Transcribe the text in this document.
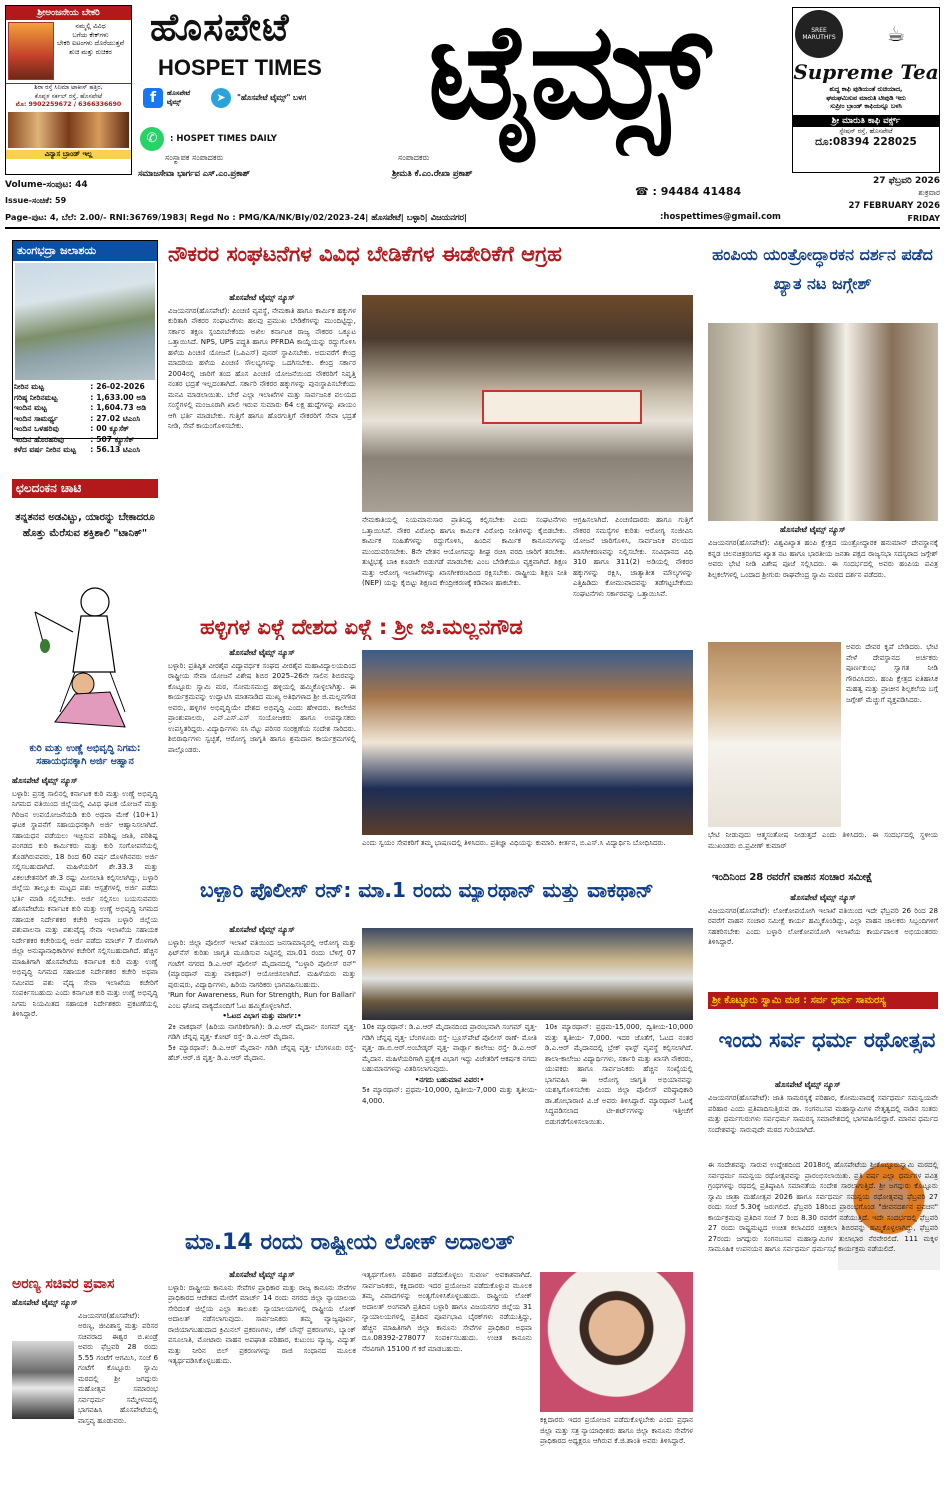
ಶ್ರೀಅಂಜನೇಯ ಬೇಕರಿ
ನಮ್ಮಲ್ಲಿ ವಿವಿಧ
ಬಗೆಯ ಕೇಕ್‌ಗಳು
ಬೇಕರಿ ಐಟಂಗಳು ದೊರೆಯುತ್ತವೆ
ಶುಚಿ ಮತ್ತು ರುಚಿಕರ
ಶಿರಾ ರಸ್ತೆ ಸಿನಿಮಾ ಟಾಕೀಸ್ ಹತ್ತಿರ,
ಕೊಪ್ಪಳ ಸರ್ಕಲ್ ರಸ್ತೆ, ಹೊಸಪೇಟೆ
ಮೊ: 9902259672 / 6366336690
ವಿನ್ಯಾಸ ಬ್ರಾಂಡ್ ಇಲ್ಲ
ಹೊಸಪೇಟೆ
HOSPET TIMES
f	ಹೊಸಪೇಟೆ ಟೈಮ್ಸ್	➤	"ಹೊಸಪೇಟೆ ಟೈಮ್ಸ್" ಬಳಗ
✆	: HOSPET TIMES DAILY ಟೈಮ್ಸ್	SREE MARUTHI'S	☕
Supreme Tea
ಶುದ್ಧ ಕಾಫಿ ಪುಡಿಯಂತೆ ರುಚಿಯಾದ,
ಘಮಘಮಿಸುವ ಮಾರುತಿ ಟೀಪುಡಿ ಇದು
ಸುಪ್ರೀಂ ಬ್ರಾಂಡ್ ಕಾಫಿಯನ್ನೂ ಬಳಸಿ
ಶ್ರೀ ಮಾರುತಿ ಕಾಫಿ ವರ್ಕ್ಸ್
ಸ್ಟೇಷನ್ ರಸ್ತೆ, ಹೊಸಪೇಟೆ
ದೂ:08394 228025
ಸಂಸ್ಥಾಪಕ ಸಂಪಾದಕರು
ಸಮಾಜಸೇವಾ ಭಾರ್ಗವ ಎಸ್.ಎಂ.ಪ್ರಕಾಶ್
ಸಂಪಾದಕರು
ಶ್ರೀಮತಿ ಕೆ.ಎಂ.ರೇಖಾ ಪ್ರಕಾಶ್
☎ : 94484 41484
Volume-ಸಂಪುಟ: 44
Issue-ಸಂಚಿಕೆ: 59
27 ಫೆಬ್ರವರಿ 2026
ಶುಕ್ರವಾರ
27 FEBRUARY 2026
FRIDAY
Page-ಪುಟ: 4, ಬೆಲೆ: 2.00/- RNI:36769/1983| Regd No : PMG/KA/NK/Bly/02/2023-24| ಹೊಸಪೇಟೆ| ಬಳ್ಳಾರಿ| ವಿಜಯನಗರ|	:hospettimes@gmail.com
ತುಂಗಭದ್ರಾ ಜಲಾಶಯ
ನೀರಿನ ಮಟ್ಟ	:	26-02-2026
ಗರಿಷ್ಠ ನೀರಿನಮಟ್ಟ	:	1,633.00 ಅಡಿ
ಇಂದಿನ ಮಟ್ಟ	:	1,604.73 ಅಡಿ
ಇಂದಿನ ಸಾಮರ್ಥ್ಯ	:	27.02 ಟಿಎಂಸಿ
ಇಂದಿನ ಒಳಹರಿವು	:	00 ಕ್ಯೂಸೆಕ್
ಇಂದಿನ ಹೊರಹರಿವು	:	507 ಕ್ಯೂಸೆಕ್
ಕಳೆದ ವರ್ಷ ನೀರಿನ ಮಟ್ಟ	:	56.13 ಟಿಎಂಸಿ
ಛಲದಂಕನ ಚಾಟಿ
ತನ್ನತನವ ಅಡವಿಟ್ಟು, ಯಾರನ್ನು ಬೇಕಾದರೂ ಹೊತ್ತು ಮೆರೆಸುವ ಶಕ್ತಿಶಾಲಿ "ಟಾನಿಕ್"
ಕುರಿ ಮತ್ತು ಉಣ್ಣೆ ಅಭಿವೃದ್ಧಿ ನಿಗಮ: ಸಹಾಯಧನಕ್ಕಾಗಿ ಅರ್ಜಿ ಆಹ್ವಾನ
ಹೊಸಪೇಟೆ ಟೈಮ್ಸ್ ನ್ಯೂಸ್
ಬಳ್ಳಾರಿ: ಪ್ರಸಕ್ತ ಸಾಲಿನಲ್ಲಿ ಕರ್ನಾಟಕ ಕುರಿ ಮತ್ತು ಉಣ್ಣೆ ಅಭಿವೃದ್ಧಿ ನಿಗಮದ ವತಿಯಿಂದ ಜಿಲ್ಲೆಯಲ್ಲಿ ವಿವಿಧ ಘಟಕ ಯೋಜನೆ ಮತ್ತು ಗಿರಿಜನ ಉಪಯೋಜನೆಯಡಿ ಕುರಿ ಅಥವಾ ಮೇಕೆ (10+1) ಘಟಕ ಸ್ಥಾಪನೆಗೆ ಸಹಾಯಧನಕ್ಕಾಗಿ ಅರ್ಜಿ ಆಹ್ವಾನಿಸಲಾಗಿದೆ. ಸಹಾಯಧನ ಪಡೆಯಲು ಇಚ್ಛಿಸುವ ಪರಿಶಿಷ್ಟ ಜಾತಿ, ಪರಿಶಿಷ್ಟ ಪಂಗಡದ ಕುರಿ ಕಾರ್ಮಿಕರು ಮತ್ತು ಕುರಿ ಸಂಗೋಪನೆಯಲ್ಲಿ ತೊಡಗಿರುವವರು, 18 ರಿಂದ 60 ವರ್ಷ ದೊಳಗಿನವರು ಅರ್ಜಿ ಸಲ್ಲಿಸಬಹುದಾಗಿದೆ. ಮಹಿಳೆಯರಿಗೆ ಶೇ.33.3 ಮತ್ತು ವಿಕಲಚೇತನರಿಗೆ ಶೇ.3 ರಷ್ಟು ಮೀಸಲಾತಿ ಕಲ್ಪಿಸಲಾಗಿದ್ದು, ಬಳ್ಳಾರಿ ಜಿಲ್ಲೆಯ ತಾಲ್ಲೂಕು ಮಟ್ಟದ ಪಶು ಆಸ್ಪತ್ರೆಗಳಲ್ಲಿ ಅರ್ಜಿ ಪಡೆದು ಭರ್ತಿ ಮಾಡಿ ಸಲ್ಲಿಸಬೇಕು. ಅರ್ಜಿ ಸಲ್ಲಿಸಲು ಬಯಸುವವರು ಹೊಸಪೇಟೆಯ ಕರ್ನಾಟಕ ಕುರಿ ಮತ್ತು ಉಣ್ಣೆ ಅಭಿವೃದ್ಧಿ ನಿಗಮದ ಸಹಾಯಕ ನಿರ್ದೇಶಕರ ಕಚೇರಿ ಅಥವಾ ಬಳ್ಳಾರಿ ಜಿಲ್ಲೆಯ ಪಶುಪಾಲನಾ ಮತ್ತು ಪಶುವೈದ್ಯ ಸೇವಾ ಇಲಾಖೆಯ ಸಹಾಯಕ ನಿರ್ದೇಶಕರ ಕಚೇರಿಯಲ್ಲಿ ಅರ್ಜಿ ಪಡೆದು ಮಾರ್ಚ್ 7 ರೊಳಗಾಗಿ ಜಿಲ್ಲಾ ಅನುಷ್ಠಾನಾಧಿಕಾರಿಗಳ ಕಚೇರಿಗೆ ಸಲ್ಲಿಸಬಹುದಾಗಿದೆ. ಹೆಚ್ಚಿನ ಮಾಹಿತಿಗಾಗಿ ಹೊಸಪೇಟೆಯ ಕರ್ನಾಟಕ ಕುರಿ ಮತ್ತು ಉಣ್ಣೆ ಅಭಿವೃದ್ಧಿ ನಿಗಮದ ಸಹಾಯಕ ನಿರ್ದೇಶಕರ ಕಚೇರಿ ಅಥವಾ ಸಮೀಪದ ಪಶು ವೈದ್ಯ ಸೇವಾ ಇಲಾಖೆಯ ಕಚೇರಿಗೆ ಸಂಪರ್ಕಿಸಬಹುದು ಎಂದು ಕರ್ನಾಟಕ ಕುರಿ ಮತ್ತು ಉಣ್ಣೆ ಅಭಿವೃದ್ಧಿ ನಿಗಮ ನಿಯಮಿತದ ಸಹಾಯಕ ನಿರ್ದೇಶಕರು ಪ್ರಕಟಣೆಯಲ್ಲಿ ತಿಳಿಸಿದ್ದಾರೆ.
ಅರಣ್ಯ ಸಚಿವರ ಪ್ರವಾಸ
ಹೊಸಪೇಟೆ ಟೈಮ್ಸ್ ನ್ಯೂಸ್
ವಿಜಯನಗರ(ಹೊಸಪೇಟೆ): ಅರಣ್ಯ, ಜೀವಿಶಾಸ್ತ್ರ ಮತ್ತು ಪರಿಸರ ಸಚಿವರಾದ ಈಶ್ವರ ಬಿ.ಖಂಡ್ರೆ ಅವರು ಫೆಬ್ರವರಿ 28 ರಂದು 5.55 ಗಂಟೆಗೆ ಆಗಮಿಸಿ, ಸಂಜೆ 6 ಗಂಟೆಗೆ ಕೊಟ್ಟೂರು ಸ್ವಾಮಿ ಮಠದಲ್ಲಿ ಶ್ರೀ ಜಗದ್ಗುರು ಮಹೋತ್ಸವ ಸಮಾರಂಭ ಸರ್ವಧರ್ಮ ಸಮ್ಮೇಳನದಲ್ಲಿ ಭಾಗವಹಿಸಿ ಹೊಸಪೇಟೆಯಲ್ಲಿ ವಾಸ್ತವ್ಯ ಹೂಡುವರು.
ನೌಕರರ ಸಂಘಟನೆಗಳ ವಿವಿಧ ಬೇಡಿಕೆಗಳ ಈಡೇರಿಕೆಗೆ ಆಗ್ರಹ
ಹೊಸಪೇಟೆ ಟೈಮ್ಸ್ ನ್ಯೂಸ್
ವಿಜಯನಗರ(ಹೊಸಪೇಟೆ): ಪಿಂಚಣಿ ವ್ಯವಸ್ಥೆ, ನೇಮಕಾತಿ ಹಾಗೂ ಕಾರ್ಮಿಕ ಹಕ್ಕುಗಳ ಕುರಿತಾಗಿ ನೌಕರರ ಸಂಘಟನೆಗಳು ಹಲವು ಪ್ರಮುಖ ಬೇಡಿಕೆಗಳನ್ನು ಮುಂದಿಟ್ಟಿದ್ದು, ಸರ್ಕಾರ ತಕ್ಷಣ ಸ್ಪಂದಿಸಬೇಕೆಂದು ಅಖಿಲ ಕರ್ನಾಟಕ ರಾಜ್ಯ ನೌಕರರ ಒಕ್ಕೂಟ ಒತ್ತಾಯಿಸಿದೆ. NPS, UPS ಪದ್ಧತಿ ಹಾಗೂ PFRDA ಕಾಯ್ದೆಯನ್ನು ರದ್ದುಗೊಳಿಸಿ ಹಳೆಯ ಪಿಂಚಣಿ ಯೋಜನೆ (ಒಪಿಎಸ್) ಪುನರ್ ಸ್ಥಾಪಿಸಬೇಕು. ಅದುವರೆಗೆ ಕೇಂದ್ರ ಮಾದರಿಯ ಹಳೆಯ ಪಿಂಚಣಿ ಸೌಲಭ್ಯಗಳನ್ನು ಒದಗಿಸಬೇಕು. ಕೇಂದ್ರ ಸರ್ಕಾರ 2004ರಲ್ಲಿ ಜಾರಿಗೆ ತಂದ ಹೊಸ ಪಿಂಚಣಿ ಯೋಜನೆಯಿಂದ ನೌಕರರಿಗೆ ನಿವೃತ್ತಿ ನಂತರ ಭದ್ರತೆ ಇಲ್ಲದಂತಾಗಿದೆ. ಸರ್ಕಾರಿ ನೌಕರರ ಹಕ್ಕುಗಳನ್ನು ಪುನಃಸ್ಥಾಪಿಸಬೇಕೆಂದು ಮನವಿ ಮಾಡಲಾಯಿತು. ಬೇರೆ ಎಲ್ಲಾ ಇಲಾಖೆಗಳ ಮತ್ತು ಸಾರ್ವಜನಿಕ ವಲಯದ ಸಂಸ್ಥೆಗಳಲ್ಲಿ ಮಂಜೂರಾಗಿ ಖಾಲಿ ಇರುವ ಸುಮಾರು 64 ಲಕ್ಷ ಹುದ್ದೆಗಳನ್ನು ಖಾಯಂ ಆಗಿ ಭರ್ತಿ ಮಾಡಬೇಕು. ಗುತ್ತಿಗೆ ಹಾಗೂ ಹೊರಗುತ್ತಿಗೆ ನೌಕರರಿಗೆ ಸೇವಾ ಭದ್ರತೆ ನೀಡಿ, ಸೇವೆ ಕಾಯಂಗೊಳಿಸಬೇಕು.
ನೇಮಕಾತಿಯಲ್ಲಿ ನಿಯಮಾನುಸಾರ ಪ್ರಾತಿನಿಧ್ಯ ಕಲ್ಪಿಸಬೇಕು ಎಂದು ಸಂಘಟನೆಗಳು ಒತ್ತಾಯಿಸಿವೆ. ನೌಕರ ವಿರೋಧಿ ಹಾಗೂ ಕಾರ್ಮಿಕ ವಿರೋಧಿ ನೀತಿಗಳನ್ನು ಕೈಬಿಡಬೇಕು. ಕಾರ್ಮಿಕ ಸಂಹಿತೆಗಳನ್ನು ರದ್ದುಗೊಳಿಸಿ, ಹಿಂದಿನ ಕಾರ್ಮಿಕ ಕಾನೂನುಗಳನ್ನು ಮುಂದುವರಿಸಬೇಕು. 8ನೇ ವೇತನ ಆಯೋಗವನ್ನು ಶೀಘ್ರ ರಚಿಸಿ ವರದಿ ಜಾರಿಗೆ ತರಬೇಕು. ತುಟ್ಟಿಭತ್ಯೆ ಬಾಕಿ ಕೂಡಲೇ ಬಿಡುಗಡೆ ಮಾಡಬೇಕು ಎಂಬ ಬೇಡಿಕೆಯೂ ವ್ಯಕ್ತವಾಗಿದೆ. ಶಿಕ್ಷಣ ಮತ್ತು ಆರೋಗ್ಯ ಇಲಾಖೆಗಳನ್ನು ಖಾಸಗೀಕರಣದಿಂದ ರಕ್ಷಿಸಬೇಕು. ರಾಷ್ಟ್ರೀಯ ಶಿಕ್ಷಣ ನೀತಿ (NEP) ಯನ್ನು ಕೈಬಿಟ್ಟು ಶಿಕ್ಷಣದ ಕೇಂದ್ರೀಕರಣಕ್ಕೆ ಕಡಿವಾಣ ಹಾಕಬೇಕು.
ಆಗ್ರಹಿಸಲಾಗಿದೆ. ಪಿಂಚಣಿದಾರರು ಹಾಗೂ ಗುತ್ತಿಗೆ ನೌಕರರ ಸಮಸ್ಯೆಗಳ ಕುರಿತು ಆರೋಗ್ಯ ಸಂಜೀವಿನಿ ಯೋಜನೆ ಜಾರಿಗೊಳಿಸಿ, ಸಾರ್ವಜನಿಕ ವಲಯದ ಖಾಸಗೀಕರಣವನ್ನು ನಿಲ್ಲಿಸಬೇಕು. ಸಂವಿಧಾನದ ವಿಧಿ 310 ಹಾಗೂ 311(2) ಅಡಿಯಲ್ಲಿ ನೌಕರರ ಹಕ್ಕುಗಳನ್ನು ರಕ್ಷಿಸಿ, ಜಾತ್ಯಾತೀತ ಮೌಲ್ಯಗಳನ್ನು ಎತ್ತಿಹಿಡಿದು ಕೋಮುವಾದವನ್ನು ತಡೆಗಟ್ಟಬೇಕೆಂದು ಸಂಘಟನೆಗಳು ಸರ್ಕಾರವನ್ನು ಒತ್ತಾಯಿಸಿವೆ.
ಹಳ್ಳಿಗಳ ಏಳ್ಗೆ ದೇಶದ ಏಳ್ಗೆ : ಶ್ರೀ ಜಿ.ಮಲ್ಲನಗೌಡ
ಹೊಸಪೇಟೆ ಟೈಮ್ಸ್ ನ್ಯೂಸ್
ಬಳ್ಳಾರಿ: ಪ್ರತಿಷ್ಠಿತ ವೀರಶೈವ ವಿದ್ಯಾವರ್ಧಕ ಸಂಘದ ವೀರಶೈವ ಮಹಾವಿದ್ಯಾಲಯದಿಂದ ರಾಷ್ಟ್ರೀಯ ಸೇವಾ ಯೋಜನೆ ವಿಶೇಷ ಶಿಬಿರ 2025–26ನೇ ಸಾಲಿನ ಶಿಬಿರವನ್ನು ಕೊಟ್ಟೂರು ಸ್ವಾಮಿ ಮಠ, ಸೋಮಸಮುದ್ರ ಹಳ್ಳಿಯಲ್ಲಿ ಹಮ್ಮಿಕೊಳ್ಳಲಾಗಿತ್ತು. ಈ ಕಾರ್ಯಕ್ರಮವನ್ನು ಉದ್ಘಾಟಿಸಿ ಮಾತನಾಡಿದ ಮುಖ್ಯ ಅತಿಥಿಗಳಾದ ಶ್ರೀ ಜಿ.ಮಲ್ಲನಗೌಡ ಅವರು, ಹಳ್ಳಿಗಳ ಅಭಿವೃದ್ಧಿಯೇ ದೇಶದ ಅಭಿವೃದ್ಧಿ ಎಂದು ಹೇಳಿದರು. ಕಾಲೇಜಿನ ಪ್ರಾಂಶುಪಾಲರು, ಎನ್.ಎಸ್.ಎಸ್ ಸಂಯೋಜಕರು ಹಾಗೂ ಉಪನ್ಯಾಸಕರು ಉಪಸ್ಥಿತರಿದ್ದರು. ವಿದ್ಯಾರ್ಥಿಗಳು ಸಸಿ ನೆಟ್ಟು ಪರಿಸರ ಸಂರಕ್ಷಣೆಯ ಸಂದೇಶ ಸಾರಿದರು. ಶಿಬಿರಾರ್ಥಿಗಳು ಸ್ವಚ್ಛತೆ, ಆರೋಗ್ಯ ಜಾಗೃತಿ ಹಾಗೂ ಶ್ರಮದಾನ ಕಾರ್ಯಕ್ರಮಗಳಲ್ಲಿ ಪಾಲ್ಗೊಂಡರು.
ಎಂದು ಸ್ವಯಂ ಸೇವಕರಿಗೆ ತಮ್ಮ ಭಾಷಣದಲ್ಲಿ ತಿಳಿಸಿದರು. ಪ್ರತಿಜ್ಞಾ ವಿಧಿಯನ್ನು ಕುಮಾರಿ. ಕೀರ್ತನ, ಬಿ.ಎಸ್.ಸಿ ವಿದ್ಯಾರ್ಥಿನಿ ಬೋಧಿಸಿದರು.
ಬಳ್ಳಾರಿ ಪೊಲೀಸ್ ರನ್: ಮಾ.1 ರಂದು ಮ್ಯಾರಥಾನ್ ಮತ್ತು ವಾಕಥಾನ್
ಹೊಸಪೇಟೆ ಟೈಮ್ಸ್ ನ್ಯೂಸ್
ಬಳ್ಳಾರಿ: ಜಿಲ್ಲಾ ಪೊಲೀಸ್ ಇಲಾಖೆ ವತಿಯಿಂದ ಜನಸಾಮಾನ್ಯರಲ್ಲಿ ಆರೋಗ್ಯ ಮತ್ತು ಫಿಟ್‌ನೆಸ್ ಕುರಿತು ಜಾಗೃತಿ ಮೂಡಿಸುವ ನಿಟ್ಟಿನಲ್ಲಿ ಮಾ.01 ರಂದು ಬೆಳಿಗ್ಗೆ 07 ಗಂಟೆಗೆ ನಗರದ ಡಿ.ಎ.ಆರ್ ಪೊಲೀಸ್ ಮೈದಾನದಲ್ಲಿ "ಬಳ್ಳಾರಿ ಪೊಲೀಸ್ ರನ್" (ಮ್ಯಾರಥಾನ್ ಮತ್ತು ವಾಕಥಾನ್) ಆಯೋಜಿಸಲಾಗಿದೆ. ಮಹಿಳೆಯರು ಮತ್ತು ಪುರುಷರು, ವಿದ್ಯಾರ್ಥಿಗಳು, ಹಿರಿಯ ನಾಗರಿಕರು ಭಾಗವಹಿಸಬಹುದು.
'Run for Awareness, Run for Strength, Run for Ballari' ಎಂಬ ಘೋಷ ವಾಕ್ಯದೊಂದಿಗೆ ಓಟ ಹಮ್ಮಿಕೊಳ್ಳಲಾಗಿದೆ.
•ಓಟದ ವಿಭಾಗ ಮತ್ತು ಮಾರ್ಗ:•
2ಕಿ ವಾಕಥಾನ್ (ಹಿರಿಯ ನಾಗರಿಕರಿಗಾಗಿ): ಡಿ.ಎ.ಆರ್ ಮೈದಾನ- ಸಂಗಮ್ ವೃತ್ತ- ಗಡಿಗಿ ಚೆನ್ನಪ್ಪ ವೃತ್ತ- ಕೋಟ್ ರಸ್ತೆ- ಡಿ.ಎ.ಆರ್ ಮೈದಾನ.
5ಕಿ ಮ್ಯಾರಥಾನ್: ಡಿ.ಎ.ಆರ್ ಮೈದಾನ- ಗಡಿಗಿ ಚೆನ್ನಪ್ಪ ವೃತ್ತ- ಬೆಂಗಳೂರು ರಸ್ತೆ- ಹೆಚ್.ಆರ್.ಜಿ ವೃತ್ತ- ಡಿ.ಎ.ಆರ್ ಮೈದಾನ.
10ಕಿ ಮ್ಯಾರಥಾನ್: ಡಿ.ಎ.ಆರ್ ಮೈದಾನದಿಂದ ಪ್ರಾರಂಭವಾಗಿ ಸಂಗಮ್ ವೃತ್ತ- ಗಡಿಗಿ ಚೆನ್ನಪ್ಪ ವೃತ್ತ- ಬೆಂಗಳೂರು ರಸ್ತೆ- ಬ್ರೂಸ್‌ಪೇಟೆ ಪೊಲೀಸ್ ಠಾಣೆ- ಮೋತಿ ವೃತ್ತ- ಡಾ.ಬಿ.ಆರ್.ಅಂಬೇಡ್ಕರ್ ವೃತ್ತ- ವಾರ್ಡ್ಲಾ ಕಾಲೇಜು ರಸ್ತೆ- ಡಿ.ಎ.ಆರ್ ಮೈದಾನ. ಮಹಿಳೆಯರಿಗಾಗಿ ಪ್ರತ್ಯೇಕ ವಿಭಾಗ ಇದ್ದು ವಿಜೇತರಿಗೆ ಆಕರ್ಷಕ ನಗದು ಬಹುಮಾನಗಳನ್ನು ವಿತರಿಸಲಾಗುವುದು.
•ನಗದು ಬಹುಮಾನ ವಿವರ:•
5ಕಿ ಮ್ಯಾರಥಾನ್: ಪ್ರಥಮ-10,000, ದ್ವಿತೀಯ-7,000 ಮತ್ತು ತೃತೀಯ- 4,000.
10ಕಿ ಮ್ಯಾರಥಾನ್: ಪ್ರಥಮ-15,000, ದ್ವಿತೀಯ-10,000 ಮತ್ತು ತೃತೀಯ- 7,000. ಇದರ ಜೊತೆಗೆ, ಓಟದ ನಂತರ ಡಿ.ಎ.ಆರ್ ಮೈದಾನದಲ್ಲಿ ಬ್ರೇಕ್ ಫಾಸ್ಟ್ ವ್ಯವಸ್ಥೆ ಕಲ್ಪಿಸಲಾಗಿದೆ. ಶಾಲಾ-ಕಾಲೇಜು ವಿದ್ಯಾರ್ಥಿಗಳು, ಸರ್ಕಾರಿ ಮತ್ತು ಖಾಸಗಿ ನೌಕರರು, ಯುವಕರು ಹಾಗೂ ಸಾರ್ವಜನಿಕರು ಹೆಚ್ಚಿನ ಸಂಖ್ಯೆಯಲ್ಲಿ ಭಾಗವಹಿಸಿ ಈ ಆರೋಗ್ಯ ಜಾಗೃತಿ ಅಭಿಯಾನವನ್ನು ಯಶಸ್ವಿಗೊಳಿಸಬೇಕು ಎಂದು ಜಿಲ್ಲಾ ಪೊಲೀಸ್ ವರಿಷ್ಠಾಧಿಕಾರಿ ಡಾ.ಶೋಭಾರಾಣಿ ವಿ.ಜೆ ಅವರು ತಿಳಿಸಿದ್ದಾರೆ. ಮ್ಯಾರಥಾನ್ ಓಟಕ್ಕೆ ಸಿದ್ಧಪಡಿಸಲಾದ ಟೀ-ಶರ್ಟ್‌ಗಳನ್ನು ಇತ್ತೀಚೆಗೆ ಬಿಡುಗಡೆಗೊಳಿಸಲಾಯಿತು.
ಮಾ.14 ರಂದು ರಾಷ್ಟ್ರೀಯ ಲೋಕ್ ಅದಾಲತ್
ಹೊಸಪೇಟೆ ಟೈಮ್ಸ್ ನ್ಯೂಸ್
ಬಳ್ಳಾರಿ: ರಾಷ್ಟ್ರೀಯ ಕಾನೂನು ಸೇವೆಗಳ ಪ್ರಾಧಿಕಾರ ಮತ್ತು ರಾಜ್ಯ ಕಾನೂನು ಸೇವೆಗಳ ಪ್ರಾಧಿಕಾರದ ಆದೇಶದ ಮೇರೆಗೆ ಮಾರ್ಚ್ 14 ರಂದು ನಗರದ ಜಿಲ್ಲಾ ನ್ಯಾಯಾಲಯ ಸೇರಿದಂತೆ ಜಿಲ್ಲೆಯ ಎಲ್ಲಾ ತಾಲೂಕು ನ್ಯಾಯಾಲಯಗಳಲ್ಲಿ ರಾಷ್ಟ್ರೀಯ ಲೋಕ್ ಅದಾಲತ್ ನಡೆಸಲಾಗುವುದು. ಸಾರ್ವಜನಿಕರು ತಮ್ಮ ವ್ಯಾಜ್ಯಪೂರ್ವ, ರಾಜಿಯಾಗಬಹುದಾದ ಕ್ರಿಮಿನಲ್ ಪ್ರಕರಣಗಳು, ಚೆಕ್ ಬೌನ್ಸ್ ಪ್ರಕರಣಗಳು, ಬ್ಯಾಂಕ್ ವಸೂಲಾತಿ, ಮೋಟಾರು ವಾಹನ ಅಪಘಾತ ಪರಿಹಾರ, ಕುಟುಂಬ ವ್ಯಾಜ್ಯ, ವಿದ್ಯುತ್ ಮತ್ತು ನೀರಿನ ಬಿಲ್ ಪ್ರಕರಣಗಳನ್ನು ರಾಜಿ ಸಂಧಾನದ ಮೂಲಕ ಇತ್ಯರ್ಥಪಡಿಸಿಕೊಳ್ಳಬಹುದು.
ಇತ್ಯರ್ಥಗೊಳಿಸಿ ಪರಿಹಾರ ಪಡೆದುಕೊಳ್ಳಲು ಸುವರ್ಣ ಅವಕಾಶವಾಗಿದೆ. ಸಾರ್ವಜನಿಕರು, ಕಕ್ಷಿದಾರರು ಇದರ ಪ್ರಯೋಜನ ಪಡೆದುಕೊಳ್ಳುವ ಮೂಲಕ ತಮ್ಮ ವಿವಾದಗಳನ್ನು ಅಂತ್ಯಗೊಳಿಸಿಕೊಳ್ಳಬಹುದು. ರಾಷ್ಟ್ರೀಯ ಲೋಕ್ ಅದಾಲತ್ ಅಂಗವಾಗಿ ಪ್ರತಿದಿನ ಬಳ್ಳಾರಿ ಹಾಗೂ ವಿಜಯನಗರ ಜಿಲ್ಲೆಯ 31 ನ್ಯಾಯಾಲಯಗಳಲ್ಲಿ ಪ್ರತಿದಿನ ಪೂರ್ವಭಾವಿ ಬೈಠಕ್‌ಗಳು ನಡೆಯುತ್ತಿದ್ದು, ಹೆಚ್ಚಿನ ಮಾಹಿತಿಗಾಗಿ ಜಿಲ್ಲಾ ಕಾನೂನು ಸೇವೆಗಳ ಪ್ರಾಧಿಕಾರ ಅಥವಾ ದೂ.08392-278077 ಸಂಪರ್ಕಿಸಬಹುದು. ಉಚಿತ ಕಾನೂನು ನೆರವಿಗಾಗಿ 15100 ಗೆ ಕರೆ ಮಾಡಬಹುದು.
ಕಕ್ಷಿದಾರರು ಇದರ ಪ್ರಯೋಜನ ಪಡೆದುಕೊಳ್ಳಬೇಕು ಎಂದು ಪ್ರಧಾನ ಜಿಲ್ಲಾ ಮತ್ತು ಸತ್ರ ನ್ಯಾಯಾಧೀಶರು ಹಾಗೂ ಜಿಲ್ಲಾ ಕಾನೂನು ಸೇವೆಗಳ ಪ್ರಾಧಿಕಾರದ ಅಧ್ಯಕ್ಷರೂ ಆಗಿರುವ ಕೆ.ಜಿ.ಶಾಂತಿ ಅವರು ತಿಳಿಸಿದ್ದಾರೆ.
ಹಂಪಿಯ ಯಂತ್ರೋದ್ಧಾರಕನ ದರ್ಶನ ಪಡೆದ ಖ್ಯಾತ ನಟ ಜಗ್ಗೇಶ್
ಹೊಸಪೇಟೆ ಟೈಮ್ಸ್ ನ್ಯೂಸ್
ವಿಜಯನಗರ(ಹೊಸಪೇಟೆ): ವಿಶ್ವವಿಖ್ಯಾತ ಹಂಪಿ ಕ್ಷೇತ್ರದ ಯಂತ್ರೋದ್ಧಾರಕ ಹನುಮಾನ್ ದೇವಸ್ಥಾನಕ್ಕೆ ಕನ್ನಡ ಚಲನಚಿತ್ರರಂಗದ ಖ್ಯಾತ ನಟ ಹಾಗೂ ಭಾರತೀಯ ಜನತಾ ಪಕ್ಷದ ರಾಜ್ಯಸಭಾ ಸದಸ್ಯರಾದ ಜಗ್ಗೇಶ್ ಅವರು ಭೇಟಿ ನೀಡಿ ವಿಶೇಷ ಪೂಜೆ ಸಲ್ಲಿಸಿದರು. ಈ ಸಂದರ್ಭದಲ್ಲಿ ಅವರು ಹಂಪಿಯ ಪವಿತ್ರ ಶಿಲ್ಪಕಲೆಗಳಲ್ಲಿ ಒಂದಾದ ಶ್ರೀಗುರು ರಾಘವೇಂದ್ರ ಸ್ವಾಮಿ ಮಠದ ದರ್ಶನ ಪಡೆದರು.
ಅವರು ದೇವರ ಕೃಪೆ ಬೇಡಿದರು. ಭೇಟಿ ವೇಳೆ ದೇವಸ್ಥಾನದ ಅರ್ಚಕರು ಪೂರ್ಣಕುಂಭ ಸ್ವಾಗತ ನೀಡಿ ಗೌರವಿಸಿದರು. ಹಂಪಿ ಕ್ಷೇತ್ರದ ಐತಿಹಾಸಿಕ ಮಹತ್ವ ಮತ್ತು ಪ್ರಾಚೀನ ಶಿಲ್ಪಕಲೆಯ ಬಗ್ಗೆ ಜಗ್ಗೇಶ್ ಮೆಚ್ಚುಗೆ ವ್ಯಕ್ತಪಡಿಸಿದರು.
ಭೇಟಿ ನೀಡುವುದು ಆತ್ಮಸಂತೋಷ ನೀಡುತ್ತದೆ ಎಂದು ತಿಳಿಸಿದರು. ಈ ಸಂದರ್ಭದಲ್ಲಿ ಸ್ಥಳೀಯ ಮುಖಂಡರು ಬಿ.ಪ್ರವೀಣ್ ಕುಮಾರ್
ಇಂದಿನಿಂದ 28 ರವರೆಗೆ ವಾಹನ ಸಂಚಾರ ಸಮೀಕ್ಷೆ
ಹೊಸಪೇಟೆ ಟೈಮ್ಸ್ ನ್ಯೂಸ್
ವಿಜಯನಗರ(ಹೊಸಪೇಟೆ): ಲೋಕೋಪಯೋಗಿ ಇಲಾಖೆ ವತಿಯಿಂದ ಇದೇ ಫೆಬ್ರವರಿ 26 ರಿಂದ 28 ರವರೆಗೆ ವಾಹನ ಸಂಚಾರ ಸಮೀಕ್ಷೆ ಕಾರ್ಯ ಹಮ್ಮಿಕೊಂಡಿದ್ದು, ಎಲ್ಲಾ ವಾಹನ ಚಾಲಕರು ಸಿಬ್ಬಂದಿಗಳಿಗೆ ಸಹಕರಿಸಬೇಕು ಎಂದು ಬಳ್ಳಾರಿ ಲೋಕೋಪಯೋಗಿ ಇಲಾಖೆಯ ಕಾರ್ಯಪಾಲಕ ಅಭಿಯಂತರರು ತಿಳಿಸಿದ್ದಾರೆ.
ಶ್ರೀ ಕೊಟ್ಟೂರು ಸ್ವಾಮಿ ಮಠ : ಸರ್ವ ಧರ್ಮ ಸಾಮರಸ್ಯ
ಇಂದು ಸರ್ವ ಧರ್ಮ ರಥೋತ್ಸವ
ಹೊಸಪೇಟೆ ಟೈಮ್ಸ್ ನ್ಯೂಸ್
ವಿಜಯನಗರ(ಹೊಸಪೇಟೆ): ಜಾತಿ ಸಾಮರಸ್ಯಕ್ಕೆ ಪರಿಹಾರ, ಕೋಮುವಾದಕ್ಕೆ ಸರ್ವಧರ್ಮ ಸಮನ್ವಯವೇ ಪರಿಹಾರ ಎಂದು ಪ್ರತಿಪಾದಿಸುತ್ತಿರುವ ಡಾ. ಸಂಗನಬಸವ ಮಹಾಸ್ವಾಮಿಗಳ ನೇತೃತ್ವದಲ್ಲಿ ನಾಡಿನ ಸಂತರು ಮತ್ತು ಧರ್ಮಗುರುಗಳು ಸರ್ವಧರ್ಮ ಸಾಮರಸ್ಯ ಸಮಾವೇಶದಲ್ಲಿ ಭಾಗವಹಿಸಲಿದ್ದಾರೆ. ಮಾನವ ಧರ್ಮದ ಸಂದೇಶವನ್ನು ಸಾರುವುದೇ ಮಠದ ಗುರಿಯಾಗಿದೆ.
ಈ ಸಂದೇಶವನ್ನು ಸಾರುವ ಉದ್ದೇಶದಿಂದ 2018ರಲ್ಲಿ ಹೊಸಪೇಟೆಯ ಶ್ರೀಕೊಟ್ಟೂರುಸ್ವಾಮಿ ಮಠದಲ್ಲಿ ಸರ್ವಧರ್ಮ ಸಮನ್ವಯ ರಥೋತ್ಸವವನ್ನು ಪ್ರಾರಂಭಿಸಲಾಯಿತು. ಪ್ರತಿ ವರ್ಷ ಎಲ್ಲಾ ಧರ್ಮಗಳ ಪವಿತ್ರ ಗ್ರಂಥಗಳನ್ನು ರಥದಲ್ಲಿ ಪ್ರತಿಷ್ಠಾಪಿಸಿ ಸಮಾನತೆಯ ಸಂದೇಶ ಸಾರಲಾಗುತ್ತಿದೆ. ಶ್ರೀ ಜಗದ್ಗುರು ಕೊಟ್ಟೂರು ಸ್ವಾಮಿ ಜಾತ್ರಾ ಮಹೋತ್ಸವ 2026 ಹಾಗೂ ಸರ್ವಧರ್ಮ ಸಮನ್ವಯ ರಥೋತ್ಸವವು ಫೆಬ್ರವರಿ 27 ರಂದು ಸಂಜೆ 5.30ಕ್ಕೆ ಜರುಗಲಿದೆ. ಫೆಬ್ರವರಿ 18ರಿಂದ ಪ್ರಾರಂಭಗೊಂಡ "ಜೀವನದರ್ಶನ ಪ್ರವಚನ" ಕಾರ್ಯಕ್ರಮವು ಪ್ರತಿದಿನ ಸಂಜೆ 7 ರಿಂದ 8.30 ರವರೆಗೆ ನಡೆಯುತ್ತಿದೆ. ಇದೇ ಸಂದರ್ಭದಲ್ಲಿ ಫೆಬ್ರವರಿ 27 ರಂದು ರಾಷ್ಟ್ರಮಟ್ಟದ ಉಚಿತ ಕಲಾವಿದರ ಚಿತ್ರಕಲಾ ಶಿಬಿರವನ್ನು ಹಮ್ಮಿಕೊಳ್ಳಲಾಗಿದ್ದು, ಫೆಬ್ರವರಿ 27ರಂದು ಜಗದ್ಗುರು ಸಂಗನಬಸವ ಮಹಾಸ್ವಾಮಿಗಳ ತುಲಾಭಾರ ನೆರವೇರಲಿದೆ. 111 ಮಕ್ಕಳ ಸಾಮೂಹಿಕ ಉಪನಯನ ಹಾಗೂ ಸರ್ವಧರ್ಮ ಧರ್ಮಸಭೆ ಕಾರ್ಯಕ್ರಮ ನಡೆಯಲಿದೆ.
